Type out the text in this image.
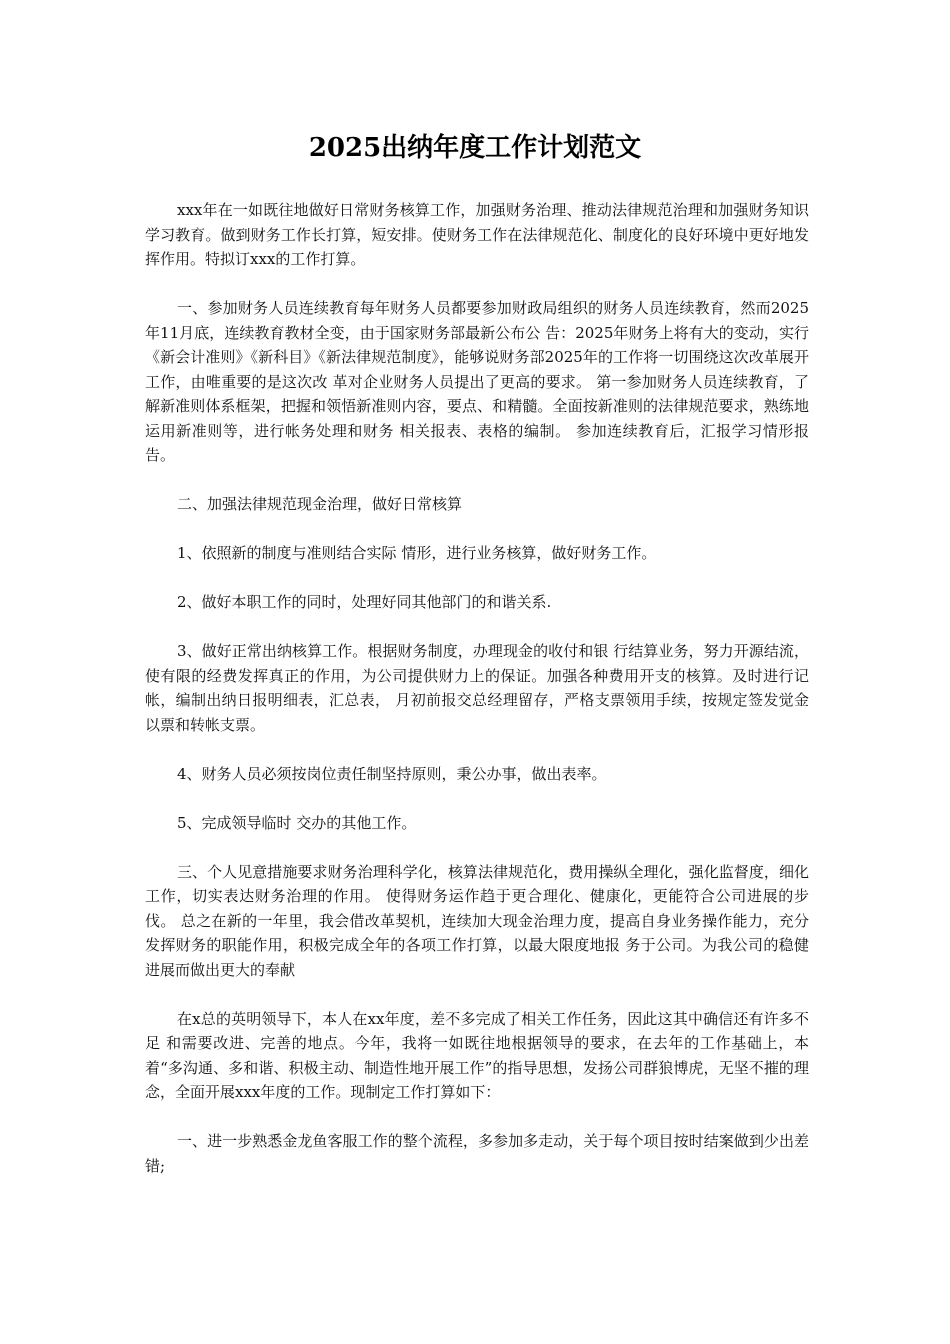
2025出纳年度工作计划范文

xxx年在一如既往地做好日常财务核算工作，加强财务治理、推动法律规范治理和加强财务知识学习教育。做到财务工作长打算，短安排。使财务工作在法律规范化、制度化的良好环境中更好地发挥作用。特拟订xxx的工作打算。

一、参加财务人员连续教育每年财务人员都要参加财政局组织的财务人员连续教育，然而2025年11月底，连续教育教材全变，由于国家财务部最新公布公 告：2025年财务上将有大的变动，实行《新会计准则》《新科目》《新法律规范制度》，能够说财务部2025年的工作将一切围绕这次改革展开工作，由唯重要的是这次改 革对企业财务人员提出了更高的要求。 第一参加财务人员连续教育，了解新准则体系框架，把握和领悟新准则内容，要点、和精髓。全面按新准则的法律规范要求，熟练地运用新准则等，进行帐务处理和财务 相关报表、表格的编制。 参加连续教育后，汇报学习情形报告。

二、加强法律规范现金治理，做好日常核算

1、依照新的制度与准则结合实际 情形，进行业务核算，做好财务工作。

2、做好本职工作的同时，处理好同其他部门的和谐关系.

3、做好正常出纳核算工作。根据财务制度，办理现金的收付和银 行结算业务，努力开源结流，使有限的经费发挥真正的作用，为公司提供财力上的保证。加强各种费用开支的核算。及时进行记帐，编制出纳日报明细表，汇总表， 月初前报交总经理留存，严格支票领用手续，按规定签发觉金以票和转帐支票。

4、财务人员必须按岗位责任制坚持原则，秉公办事，做出表率。

5、完成领导临时 交办的其他工作。

三、个人见意措施要求财务治理科学化，核算法律规范化，费用操纵全理化，强化监督度，细化工作，切实表达财务治理的作用。 使得财务运作趋于更合理化、健康化，更能符合公司进展的步伐。 总之在新的一年里，我会借改革契机，连续加大现金治理力度，提高自身业务操作能力，充分发挥财务的职能作用，积极完成全年的各项工作打算，以最大限度地报 务于公司。为我公司的稳健进展而做出更大的奉献

在x总的英明领导下，本人在xx年度，差不多完成了相关工作任务，因此这其中确信还有许多不足 和需要改进、完善的地点。今年，我将一如既往地根据领导的要求，在去年的工作基础上，本着“多沟通、多和谐、积极主动、制造性地开展工作”的指导思想，发扬公司群狼博虎，无坚不摧的理念，全面开展xxx年度的工作。现制定工作打算如下：

一、进一步熟悉金龙鱼客服工作的整个流程，多参加多走动，关于每个项目按时结案做到少出差错;
